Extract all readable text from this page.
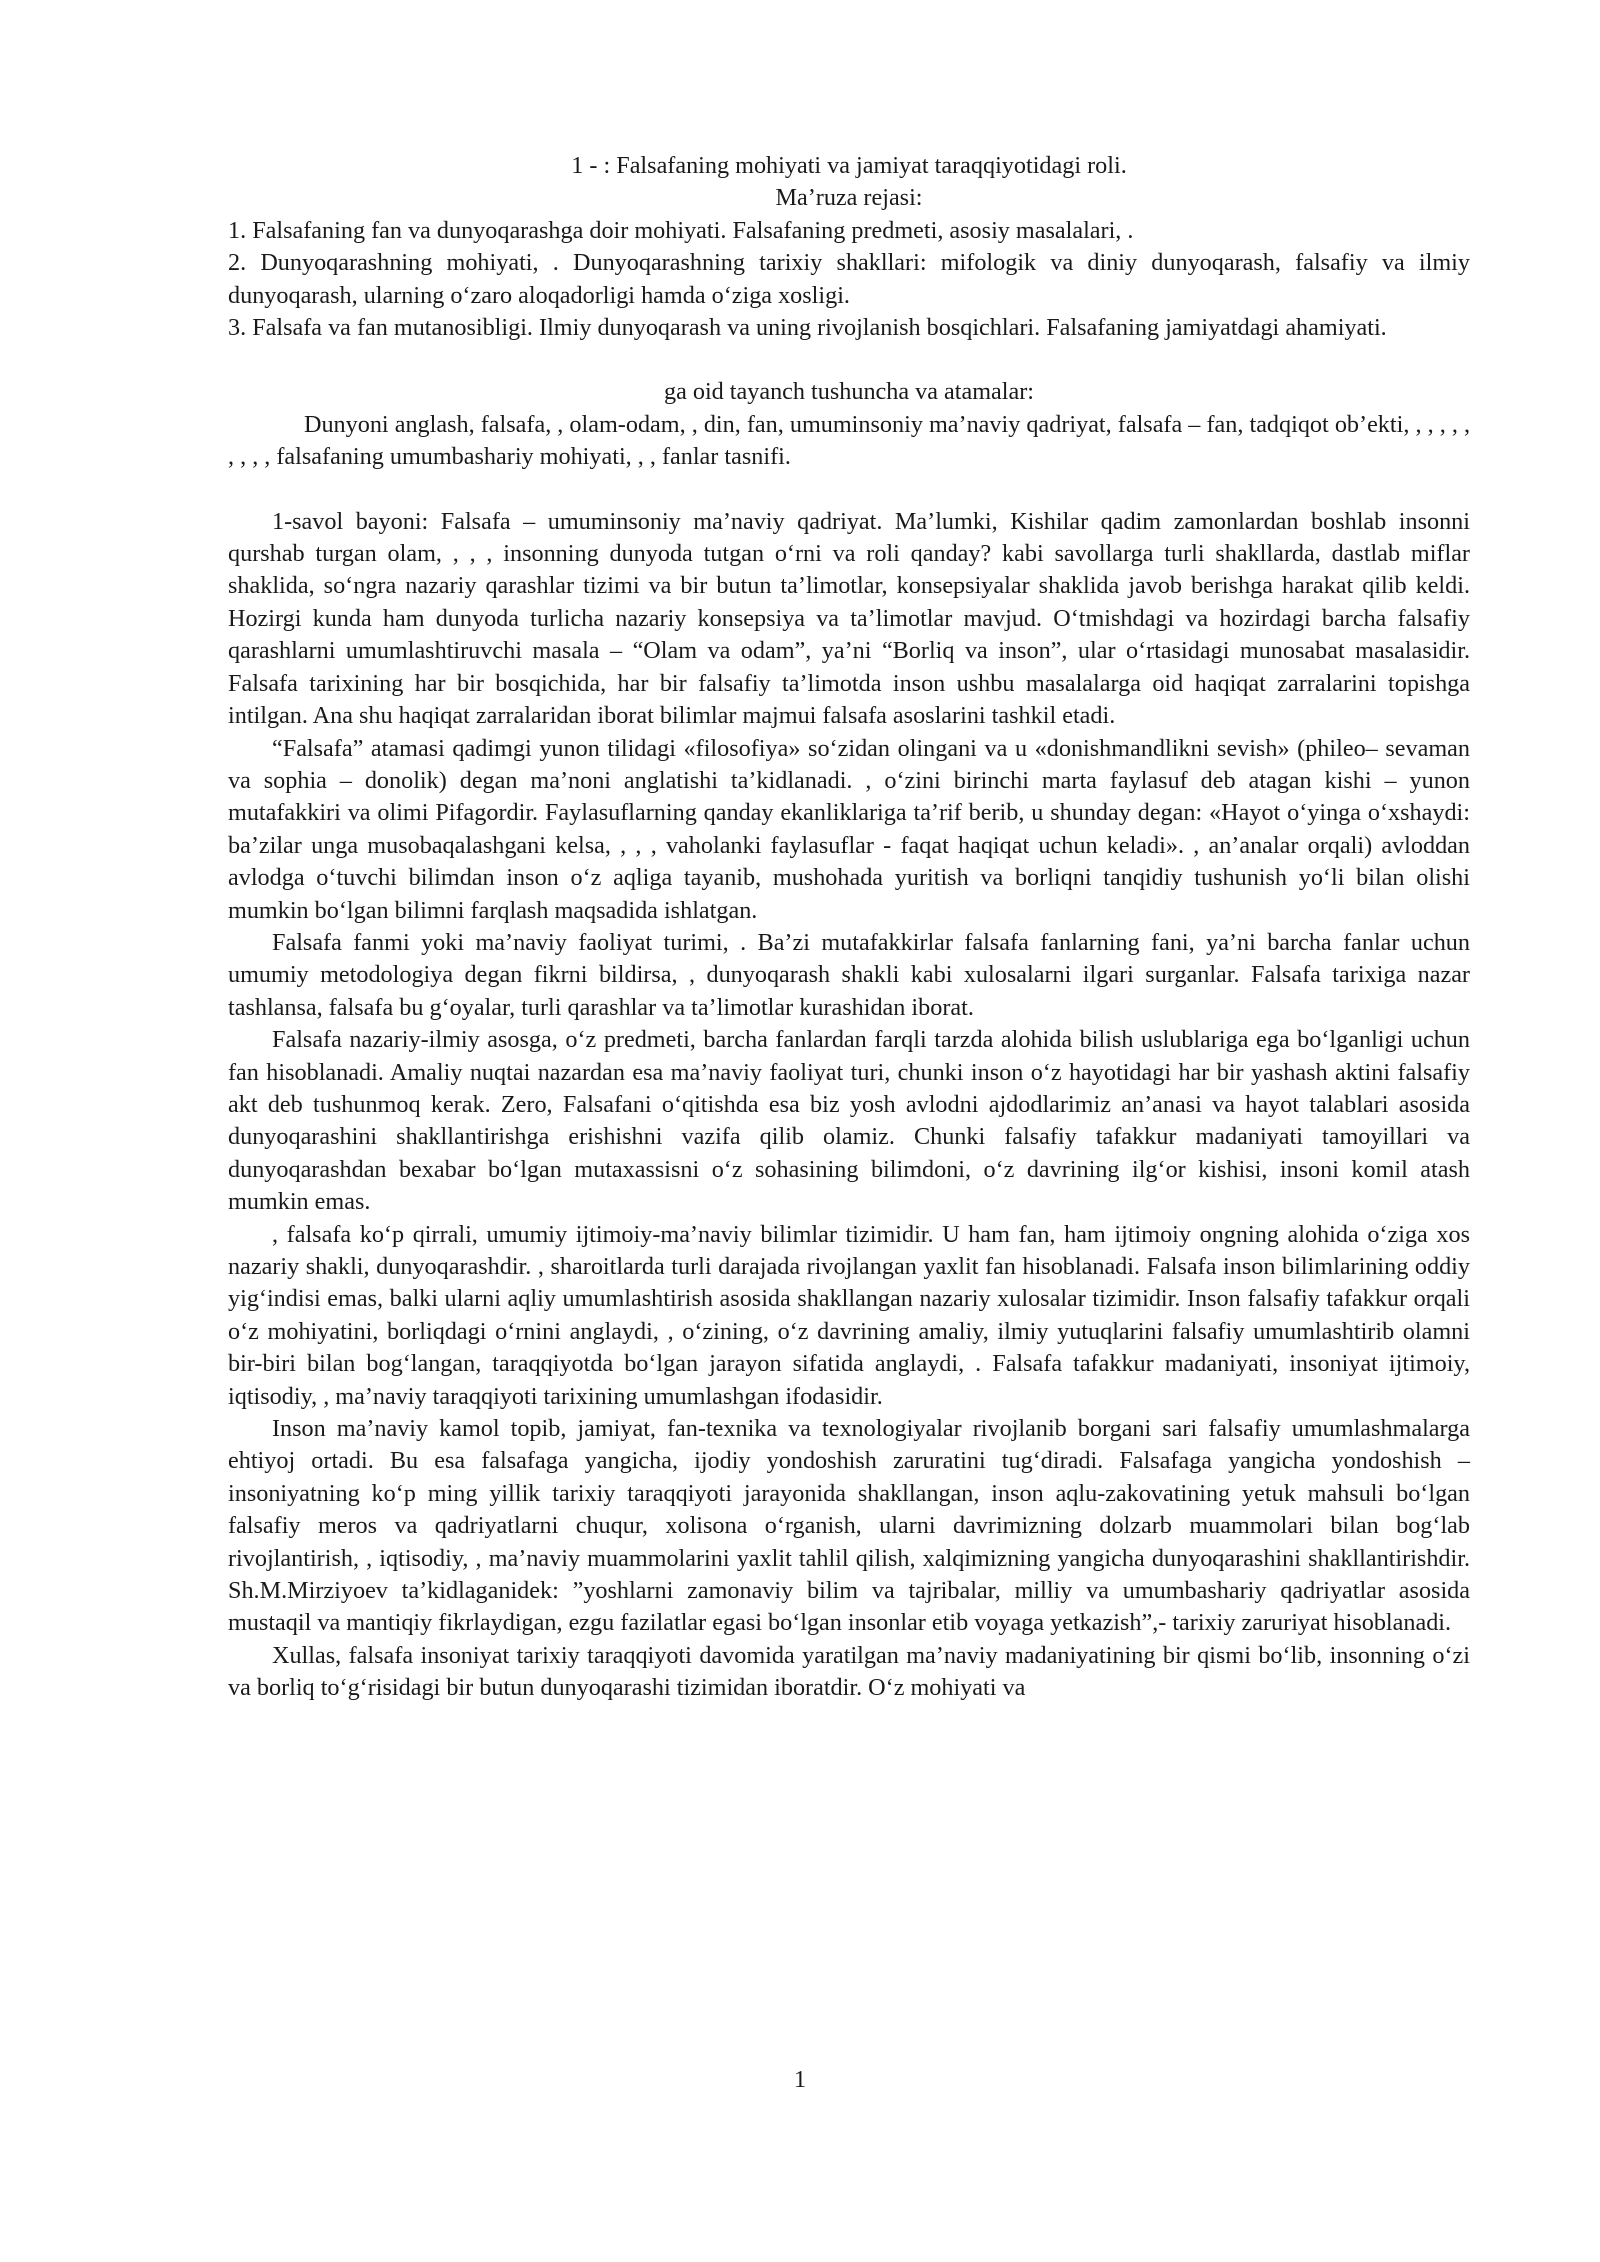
1 - : Falsafaning mohiyati va jamiyat taraqqiyotidagi roli.

Ma’ruza rejasi:

1. Falsafaning fan va dunyoqarashga doir mohiyati. Falsafaning predmeti, asosiy masalalari, .

2. Dunyoqarashning mohiyati, . Dunyoqarashning tarixiy shakllari: mifologik va diniy dunyoqarash, falsafiy va ilmiy dunyoqarash, ularning o‘zaro aloqadorligi hamda o‘ziga xosligi.

3. Falsafa va fan mutanosibligi. Ilmiy dunyoqarash va uning rivojlanish bosqichlari. Falsafaning jamiyatdagi ahamiyati.

ga oid tayanch tushuncha va atamalar:

Dunyoni anglash, falsafa, , olam-odam, , din, fan, umuminsoniy ma’naviy qadriyat, falsafa – fan, tadqiqot ob’ekti, , , , , , , , , , falsafaning umumbashariy mohiyati, , , fanlar tasnifi.

1-savol bayoni: Falsafa – umuminsoniy ma’naviy qadriyat. Ma’lumki, Kishilar qadim zamonlardan boshlab insonni qurshab turgan olam, , , , insonning dunyoda tutgan o‘rni va roli qanday? kabi savollarga turli shakllarda, dastlab miflar shaklida, so‘ngra nazariy qarashlar tizimi va bir butun ta’limotlar, konsepsiyalar shaklida javob berishga harakat qilib keldi. Hozirgi kunda ham dunyoda turlicha nazariy konsepsiya va ta’limotlar mavjud. O‘tmishdagi va hozirdagi barcha falsafiy qarashlarni umumlashtiruvchi masala – “Olam va odam”, ya’ni “Borliq va inson”, ular o‘rtasidagi munosabat masalasidir. Falsafa tarixining har bir bosqichida, har bir falsafiy ta’limotda inson ushbu masalalarga oid haqiqat zarralarini topishga intilgan. Ana shu haqiqat zarralaridan iborat bilimlar majmui falsafa asoslarini tashkil etadi.

“Falsafa” atamasi qadimgi yunon tilidagi «filosofiya» so‘zidan olingani va u «donishmandlikni sevish» (phileo– sevaman va sophia – donolik) degan ma’noni anglatishi ta’kidlanadi. , o‘zini birinchi marta faylasuf deb atagan kishi – yunon mutafakkiri va olimi Pifagordir. Faylasuflarning qanday ekanliklariga ta’rif berib, u shunday degan: «Hayot o‘yinga o‘xshaydi: ba’zilar unga musobaqalashgani kelsa, , , , vaholanki faylasuflar - faqat haqiqat uchun keladi». , an’analar orqali) avloddan avlodga o‘tuvchi bilimdan inson o‘z aqliga tayanib, mushohada yuritish va borliqni tanqidiy tushunish yo‘li bilan olishi mumkin bo‘lgan bilimni farqlash maqsadida ishlatgan.

Falsafa fanmi yoki ma’naviy faoliyat turimi, . Ba’zi mutafakkirlar falsafa fanlarning fani, ya’ni barcha fanlar uchun umumiy metodologiya degan fikrni bildirsa, , dunyoqarash shakli kabi xulosalarni ilgari surganlar. Falsafa tarixiga nazar tashlansa, falsafa bu g‘oyalar, turli qarashlar va ta’limotlar kurashidan iborat.

Falsafa nazariy-ilmiy asosga, o‘z predmeti, barcha fanlardan farqli tarzda alohida bilish uslublariga ega bo‘lganligi uchun fan hisoblanadi. Amaliy nuqtai nazardan esa ma’naviy faoliyat turi, chunki inson o‘z hayotidagi har bir yashash aktini falsafiy akt deb tushunmoq kerak. Zero, Falsafani o‘qitishda esa biz yosh avlodni ajdodlarimiz an’anasi va hayot talablari asosida dunyoqarashini shakllantirishga erishishni vazifa qilib olamiz. Chunki falsafiy tafakkur madaniyati tamoyillari va dunyoqarashdan bexabar bo‘lgan mutaxassisni o‘z sohasining bilimdoni, o‘z davrining ilg‘or kishisi, insoni komil atash mumkin emas.

, falsafa ko‘p qirrali, umumiy ijtimoiy-ma’naviy bilimlar tizimidir. U ham fan, ham ijtimoiy ongning alohida o‘ziga xos nazariy shakli, dunyoqarashdir. , sharoitlarda turli darajada rivojlangan yaxlit fan hisoblanadi. Falsafa inson bilimlarining oddiy yig‘indisi emas, balki ularni aqliy umumlashtirish asosida shakllangan nazariy xulosalar tizimidir. Inson falsafiy tafakkur orqali o‘z mohiyatini, borliqdagi o‘rnini anglaydi, , o‘zining, o‘z davrining amaliy, ilmiy yutuqlarini falsafiy umumlashtirib olamni bir-biri bilan bog‘langan, taraqqiyotda bo‘lgan jarayon sifatida anglaydi, . Falsafa tafakkur madaniyati, insoniyat ijtimoiy, iqtisodiy, , ma’naviy taraqqiyoti tarixining umumlashgan ifodasidir.

Inson ma’naviy kamol topib, jamiyat, fan-texnika va texnologiyalar rivojlanib borgani sari falsafiy umumlashmalarga ehtiyoj ortadi. Bu esa falsafaga yangicha, ijodiy yondoshish zaruratini tug‘diradi. Falsafaga yangicha yondoshish – insoniyatning ko‘p ming yillik tarixiy taraqqiyoti jarayonida shakllangan, inson aqlu-zakovatining yetuk mahsuli bo‘lgan falsafiy meros va qadriyatlarni chuqur, xolisona o‘rganish, ularni davrimizning dolzarb muammolari bilan bog‘lab rivojlantirish, , iqtisodiy, , ma’naviy muammolarini yaxlit tahlil qilish, xalqimizning yangicha dunyoqarashini shakllantirishdir. Sh.M.Mirziyoev ta’kidlaganidek: ”yoshlarni zamonaviy bilim va tajribalar, milliy va umumbashariy qadriyatlar asosida mustaqil va mantiqiy fikrlaydigan, ezgu fazilatlar egasi bo‘lgan insonlar etib voyaga yetkazish”,- tarixiy zaruriyat hisoblanadi.

Xullas, falsafa insoniyat tarixiy taraqqiyoti davomida yaratilgan ma’naviy madaniyatining bir qismi bo‘lib, insonning o‘zi va borliq to‘g‘risidagi bir butun dunyoqarashi tizimidan iboratdir. O‘z mohiyati va

1
